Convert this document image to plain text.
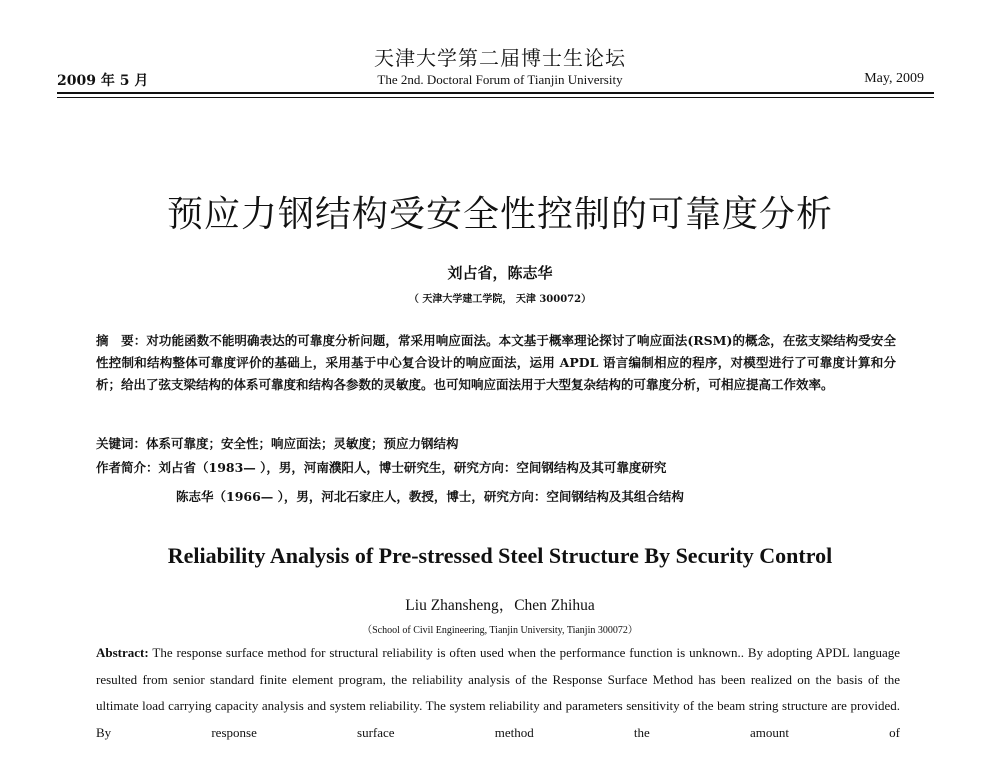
天津大学第二届博士生论坛
2009 年 5 月	The 2nd. Doctoral Forum of Tianjin University	May, 2009
预应力钢结构受安全性控制的可靠度分析
刘占省，陈志华
（ 天津大学建工学院， 天津 300072）
摘　要：对功能函数不能明确表达的可靠度分析问题，常采用响应面法。本文基于概率理论探讨了响应面法(RSM)的概念，在弦支梁结构受安全性控制和结构整体可靠度评价的基础上，采用基于中心复合设计的响应面法，运用 APDL 语言编制相应的程序，对模型进行了可靠度计算和分析；给出了弦支梁结构的体系可靠度和结构各参数的灵敏度。也可知响应面法用于大型复杂结构的可靠度分析，可相应提高工作效率。
关键词：体系可靠度；安全性；响应面法；灵敏度；预应力钢结构
作者简介：刘占省（1983— ），男，河南濮阳人，博士研究生，研究方向：空间钢结构及其可靠度研究
陈志华（1966— ），男，河北石家庄人，教授，博士，研究方向：空间钢结构及其组合结构
Reliability Analysis of Pre-stressed Steel Structure By Security Control
Liu Zhansheng，Chen Zhihua
（School of Civil Engineering, Tianjin University, Tianjin 300072）
Abstract: The response surface method for structural reliability is often used when the performance function is unknown.. By adopting APDL language resulted from senior standard finite element program, the reliability analysis of the Response Surface Method has been realized on the basis of the ultimate load carrying capacity analysis and system reliability. The system reliability and parameters sensitivity of the beam string structure are provided. By response surface method the amount of
